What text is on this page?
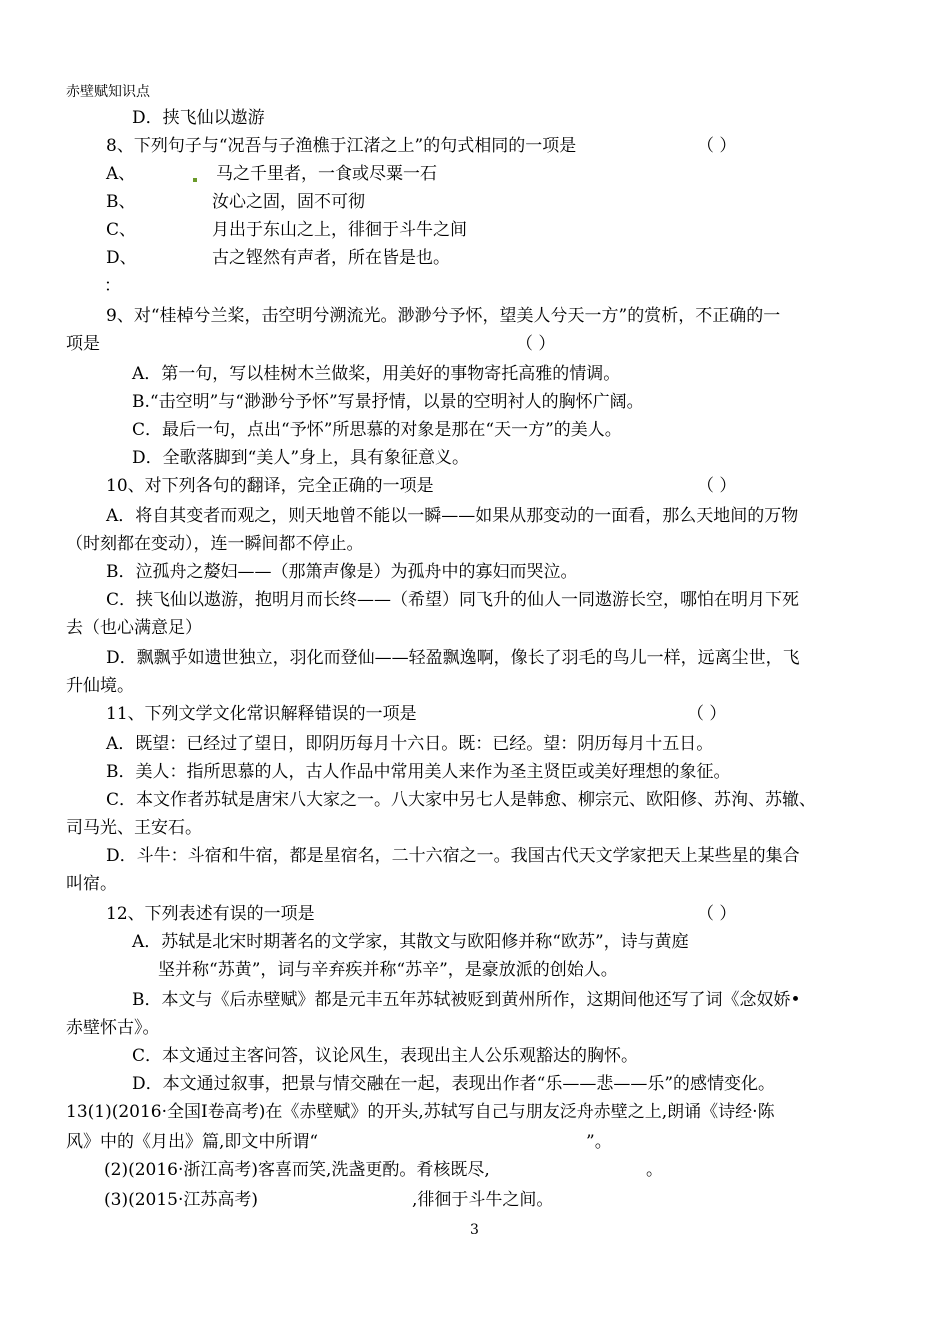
赤壁赋知识点
D．挟飞仙以遨游
8、下列句子与“况吾与子渔樵于江渚之上”的句式相同的一项是	（ ）
A、	马之千里者，一食或尽粟一石
B、	汝心之固，固不可彻
C、	月出于东山之上，徘徊于斗牛之间
D、	古之铿然有声者，所在皆是也。
：
9、对“桂棹兮兰桨，击空明兮溯流光。渺渺兮予怀，望美人兮天一方”的赏析，不正确的一
项是	（ ）
A．第一句，写以桂树木兰做桨，用美好的事物寄托高雅的情调。
B.“击空明”与“渺渺兮予怀”写景抒情，以景的空明衬人的胸怀广阔。
C．最后一句，点出“予怀”所思慕的对象是那在“天一方”的美人。
D．全歌落脚到“美人”身上，具有象征意义。
10、对下列各句的翻译，完全正确的一项是	（ ）
A．将自其变者而观之，则天地曾不能以一瞬——如果从那变动的一面看，那么天地间的万物
（时刻都在变动），连一瞬间都不停止。
B．泣孤舟之嫠妇——（那箫声像是）为孤舟中的寡妇而哭泣。
C．挟飞仙以遨游，抱明月而长终——（希望）同飞升的仙人一同遨游长空，哪怕在明月下死
去（也心满意足）
D．飘飘乎如遗世独立，羽化而登仙——轻盈飘逸啊，像长了羽毛的鸟儿一样，远离尘世，飞
升仙境。
11、下列文学文化常识解释错误的一项是	（ ）
A．既望：已经过了望日，即阴历每月十六日。既：已经。望：阴历每月十五日。
B．美人：指所思慕的人，古人作品中常用美人来作为圣主贤臣或美好理想的象征。
C．本文作者苏轼是唐宋八大家之一。八大家中另七人是韩愈、柳宗元、欧阳修、苏洵、苏辙、
司马光、王安石。
D．斗牛：斗宿和牛宿，都是星宿名，二十六宿之一。我国古代天文学家把天上某些星的集合
叫宿。
12、下列表述有误的一项是	（ ）
A．苏轼是北宋时期著名的文学家，其散文与欧阳修并称“欧苏”，诗与黄庭
坚并称“苏黄”，词与辛弃疾并称“苏辛”，是豪放派的创始人。
B．本文与《后赤壁赋》都是元丰五年苏轼被贬到黄州所作，这期间他还写了词《念奴娇•
赤壁怀古》。
C．本文通过主客问答，议论风生，表现出主人公乐观豁达的胸怀。
D．本文通过叙事，把景与情交融在一起，表现出作者“乐——悲——乐”的感情变化。
13(1)(2016·全国Ⅰ卷高考)在《赤壁赋》的开头,苏轼写自己与朋友泛舟赤壁之上,朗诵《诗经·陈
风》中的《月出》篇,即文中所谓“	”。
(2)(2016·浙江高考)客喜而笑,洗盏更酌。肴核既尽,	。
(3)(2015·江苏高考)	,徘徊于斗牛之间。
3
